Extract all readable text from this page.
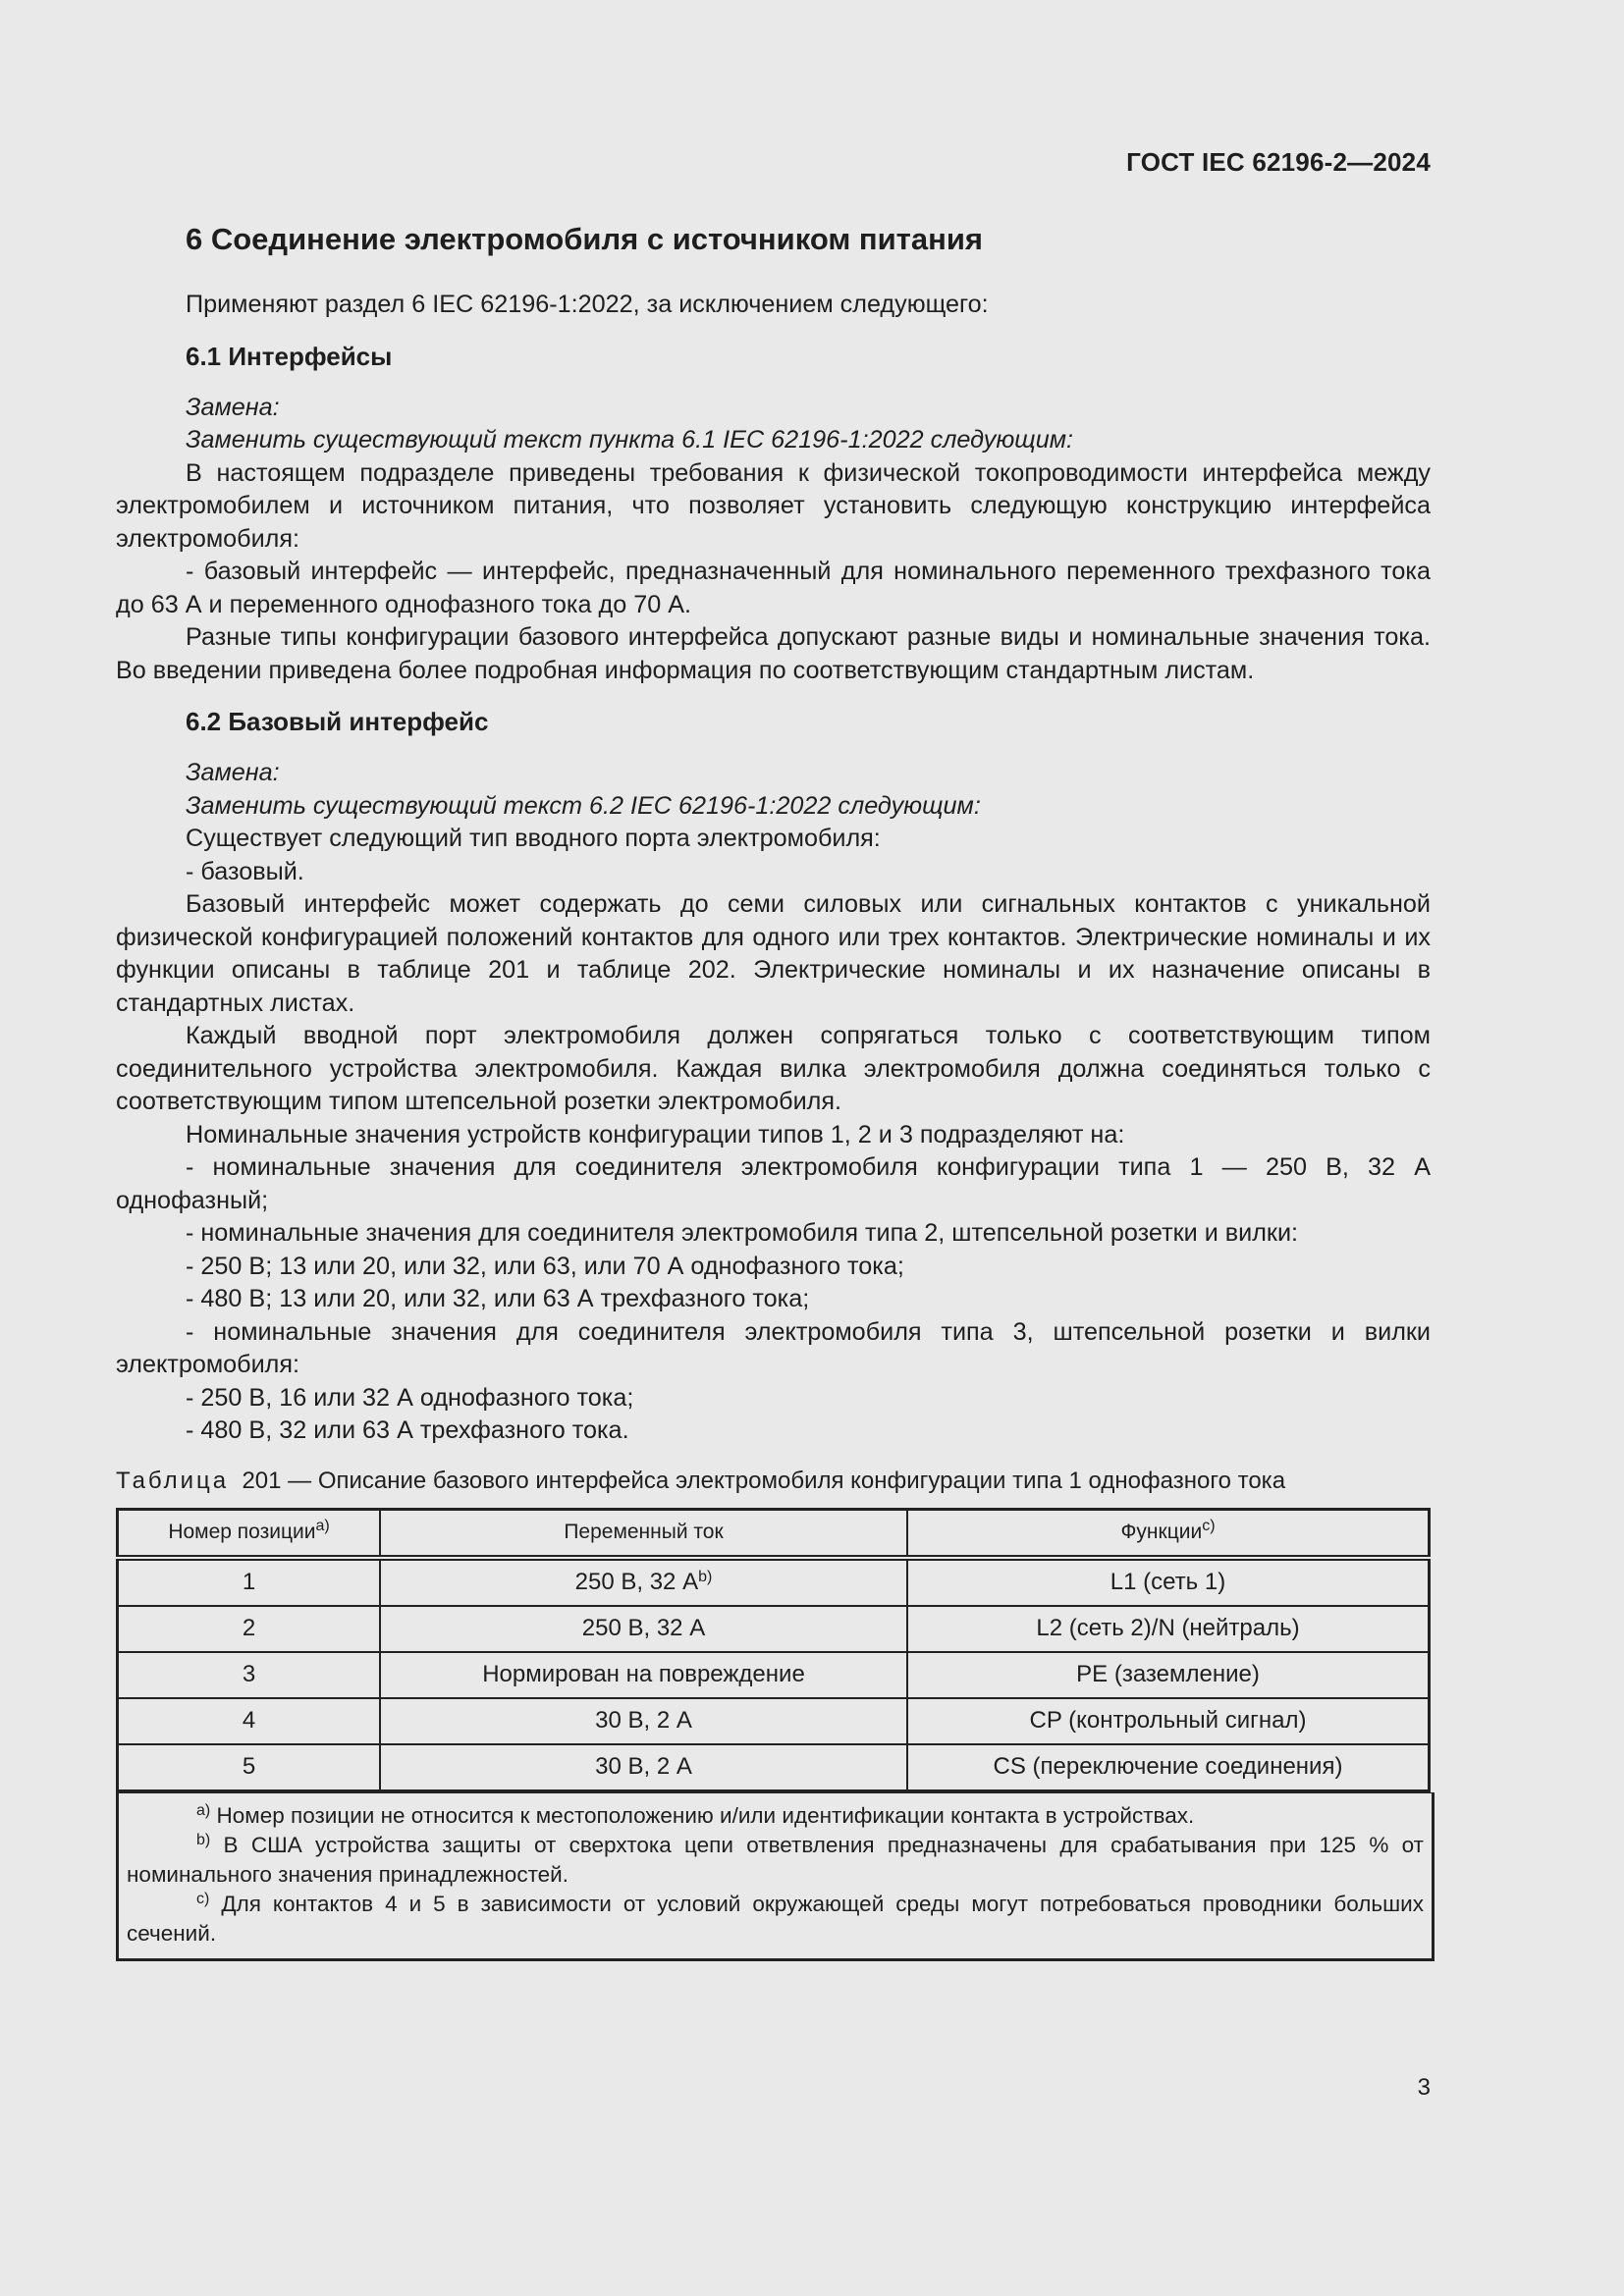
ГОСТ IEC 62196-2—2024
6 Соединение электромобиля с источником питания

Применяют раздел 6 IEC 62196-1:2022, за исключением следующего:

6.1 Интерфейсы

Замена:

Заменить существующий текст пункта 6.1 IEC 62196-1:2022 следующим:

В настоящем подразделе приведены требования к физической токопроводимости интерфейса между электромобилем и источником питания, что позволяет установить следующую конструкцию интерфейса электромобиля:

- базовый интерфейс — интерфейс, предназначенный для номинального переменного трехфазного тока до 63 А и переменного однофазного тока до 70 А.

Разные типы конфигурации базового интерфейса допускают разные виды и номинальные значения тока. Во введении приведена более подробная информация по соответствующим стандартным листам.

6.2 Базовый интерфейс

Замена:

Заменить существующий текст 6.2 IEC 62196-1:2022 следующим:

Существует следующий тип вводного порта электромобиля:

- базовый.

Базовый интерфейс может содержать до семи силовых или сигнальных контактов с уникальной физической конфигурацией положений контактов для одного или трех контактов. Электрические номиналы и их функции описаны в таблице 201 и таблице 202. Электрические номиналы и их назначение описаны в стандартных листах.

Каждый вводной порт электромобиля должен сопрягаться только с соответствующим типом соединительного устройства электромобиля. Каждая вилка электромобиля должна соединяться только с соответствующим типом штепсельной розетки электромобиля.

Номинальные значения устройств конфигурации типов 1, 2 и 3 подразделяют на:

- номинальные значения для соединителя электромобиля конфигурации типа 1 — 250 В, 32 А однофазный;

- номинальные значения для соединителя электромобиля типа 2, штепсельной розетки и вилки:

- 250 В; 13 или 20, или 32, или 63, или 70 А однофазного тока;

- 480 В; 13 или 20, или 32, или 63 А трехфазного тока;

- номинальные значения для соединителя электромобиля типа 3, штепсельной розетки и вилки электромобиля:

- 250 В, 16 или 32 А однофазного тока;

- 480 В, 32 или 63 А трехфазного тока.

Таблица 201 — Описание базового интерфейса электромобиля конфигурации типа 1 однофазного тока
Номер позиции$^{a)}$	Переменный ток	Функции$^{c)}$
1	250 В, 32 $А^{b)}$	L1 (сеть 1)
2	250 В, 32 А	L2 (сеть 2)/N (нейтраль)
3	Нормирован на повреждение	PE (заземление)
4	30 В, 2 А	CP (контрольный сигнал)
5	30 В, 2 А	CS (переключение соединения)

$^{a)}$ Номер позиции не относится к местоположению и/или идентификации контакта в устройствах.

$^{b)}$ В США устройства защиты от сверхтока цепи ответвления предназначены для срабатывания при 125 % от номинального значения принадлежностей.

$^{c)}$ Для контактов 4 и 5 в зависимости от условий окружающей среды могут потребоваться проводники больших сечений.

3
